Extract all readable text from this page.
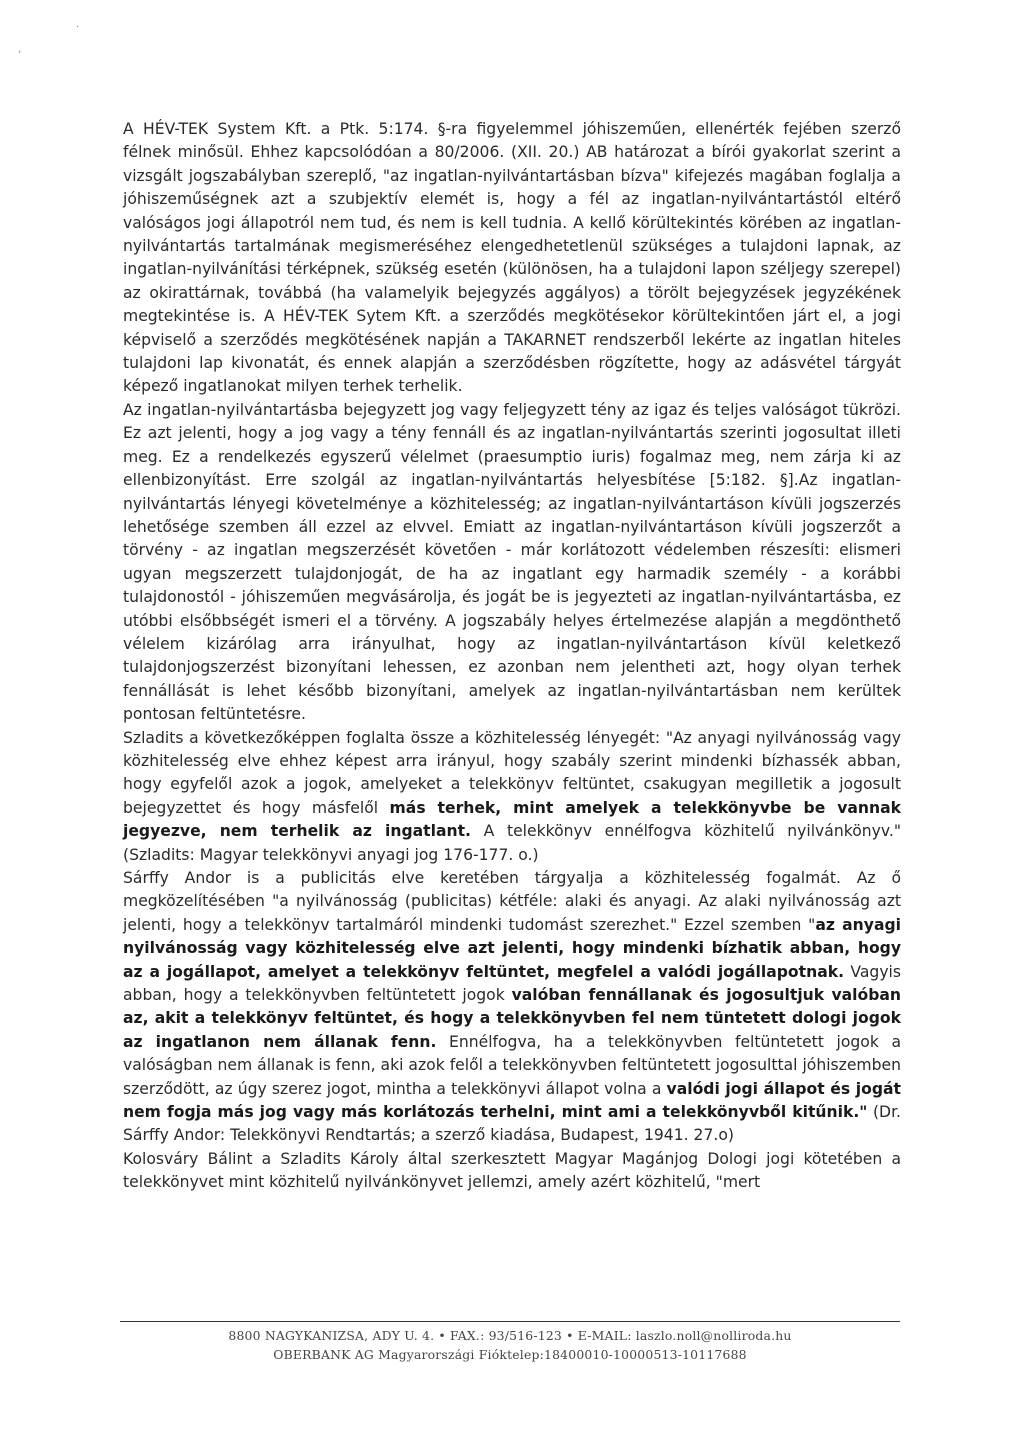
,
·

A HÉV-TEK System Kft. a Ptk. 5:174. §-ra figyelemmel jóhiszeműen, ellenérték fejében szerző félnek minősül. Ehhez kapcsolódóan a 80/2006. (XII. 20.) AB határozat a bírói gyakorlat szerint a vizsgált jogszabályban szereplő, "az ingatlan-nyilvántartásban bízva" kifejezés magában foglalja a jóhiszeműségnek azt a szubjektív elemét is, hogy a fél az ingatlan-nyilvántartástól eltérő valóságos jogi állapotról nem tud, és nem is kell tudnia. A kellő körültekintés körében az ingatlan-nyilvántartás tartalmának megismeréséhez elengedhetetlenül szükséges a tulajdoni lapnak, az ingatlan-nyilvánítási térképnek, szükség esetén (különösen, ha a tulajdoni lapon széljegy szerepel) az okirattárnak, továbbá (ha valamelyik bejegyzés aggályos) a törölt bejegyzések jegyzékének megtekintése is. A HÉV-TEK Sytem Kft. a szerződés megkötésekor körültekintően járt el, a jogi képviselő a szerződés megkötésének napján a TAKARNET rendszerből lekérte az ingatlan hiteles tulajdoni lap kivonatát, és ennek alapján a szerződésben rögzítette, hogy az adásvétel tárgyát képező ingatlanokat milyen terhek terhelik.

Az ingatlan-nyilvántartásba bejegyzett jog vagy feljegyzett tény az igaz és teljes valóságot tükrözi. Ez azt jelenti, hogy a jog vagy a tény fennáll és az ingatlan-nyilvántartás szerinti jogosultat illeti meg. Ez a rendelkezés egyszerű vélelmet (praesumptio iuris) fogalmaz meg, nem zárja ki az ellenbizonyítást. Erre szolgál az ingatlan-nyilvántartás helyesbítése [5:182. §].Az ingatlan-nyilvántartás lényegi követelménye a közhitelesség; az ingatlan-nyilvántartáson kívüli jogszerzés lehetősége szemben áll ezzel az elvvel. Emiatt az ingatlan-nyilvántartáson kívüli jogszerzőt a törvény - az ingatlan megszerzését követően - már korlátozott védelemben részesíti: elismeri ugyan megszerzett tulajdonjogát, de ha az ingatlant egy harmadik személy - a korábbi tulajdonostól - jóhiszeműen megvásárolja, és jogát be is jegyezteti az ingatlan-nyilvántartásba, ez utóbbi elsőbbségét ismeri el a törvény. A jogszabály helyes értelmezése alapján a megdönthető vélelem kizárólag arra irányulhat, hogy az ingatlan-nyilvántartáson kívül keletkező tulajdonjogszerzést bizonyítani lehessen, ez azonban nem jelentheti azt, hogy olyan terhek fennállását is lehet később bizonyítani, amelyek az ingatlan-nyilvántartásban nem kerültek pontosan feltüntetésre.

Szladits a következőképpen foglalta össze a közhitelesség lényegét: "Az anyagi nyilvánosság vagy közhitelesség elve ehhez képest arra irányul, hogy szabály szerint mindenki bízhassék abban, hogy egyfelől azok a jogok, amelyeket a telekkönyv feltüntet, csakugyan megilletik a jogosult bejegyzettet és hogy másfelől más terhek, mint amelyek a telekkönyvbe be vannak jegyezve, nem terhelik az ingatlant. A telekkönyv ennélfogva közhitelű nyilvánkönyv." (Szladits: Magyar telekkönyvi anyagi jog 176-177. o.)

Sárffy Andor is a publicitás elve keretében tárgyalja a közhitelesség fogalmát. Az ő megközelítésében "a nyilvánosság (publicitas) kétféle: alaki és anyagi. Az alaki nyilvánosság azt jelenti, hogy a telekkönyv tartalmáról mindenki tudomást szerezhet." Ezzel szemben "az anyagi nyilvánosság vagy közhitelesség elve azt jelenti, hogy mindenki bízhatik abban, hogy az a jogállapot, amelyet a telekkönyv feltüntet, megfelel a valódi jogállapotnak. Vagyis abban, hogy a telekkönyvben feltüntetett jogok valóban fennállanak és jogosultjuk valóban az, akit a telekkönyv feltüntet, és hogy a telekkönyvben fel nem tüntetett dologi jogok az ingatlanon nem állanak fenn. Ennélfogva, ha a telekkönyvben feltüntetett jogok a valóságban nem állanak is fenn, aki azok felől a telekkönyvben feltüntetett jogosulttal jóhiszemben szerződött, az úgy szerez jogot, mintha a telekkönyvi állapot volna a valódi jogi állapot és jogát nem fogja más jog vagy más korlátozás terhelni, mint ami a telekkönyvből kitűnik." (Dr. Sárffy Andor: Telekkönyvi Rendtartás; a szerző kiadása, Budapest, 1941. 27.o)

Kolosváry Bálint a Szladits Károly által szerkesztett Magyar Magánjog Dologi jogi kötetében a telekkönyvet mint közhitelű nyilvánkönyvet jellemzi, amely azért közhitelű, "mert

8800 NAGYKANIZSA, ADY U. 4. • FAX.: 93/516-123 • E-MAIL: laszlo.noll@nolliroda.hu
OBERBANK AG Magyarországi Fióktelep:18400010-10000513-10117688
